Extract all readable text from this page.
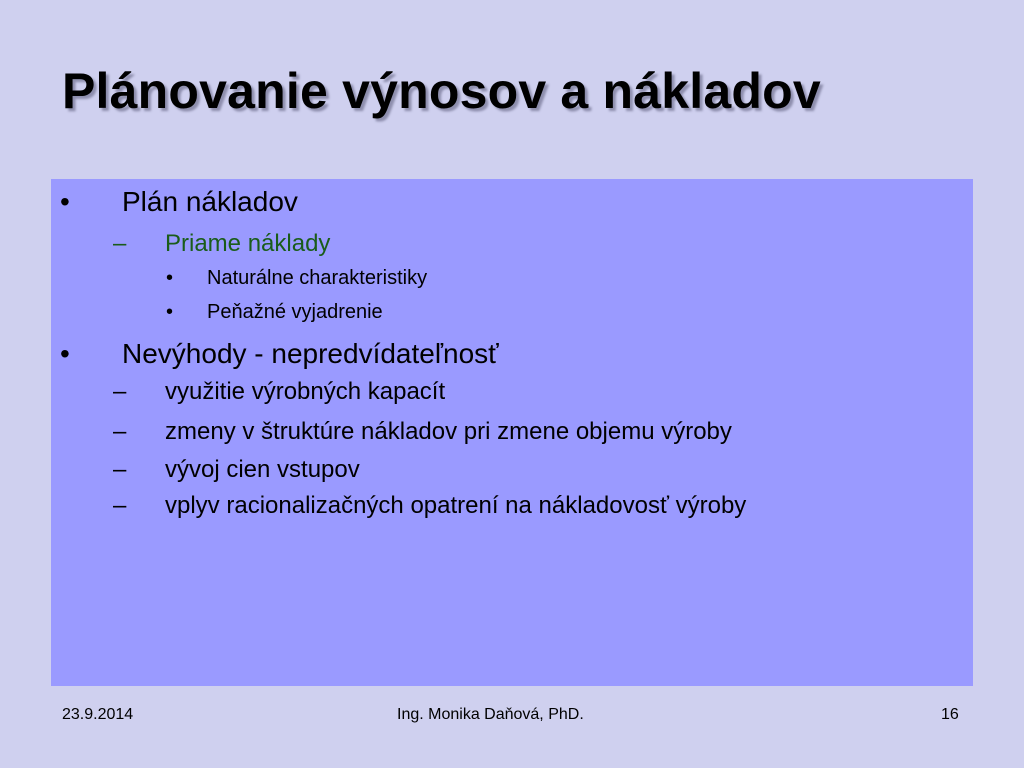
Plánovanie výnosov a nákladov
• Plán nákladov
– Priame náklady
• Naturálne charakteristiky
• Peňažné vyjadrenie
• Nevýhody - nepredvídateľnosť
– využitie výrobných kapacít
– zmeny v štruktúre nákladov pri zmene objemu výroby
– vývoj cien vstupov
– vplyv racionalizačných opatrení na nákladovosť výroby
23.9.2014	Ing. Monika Daňová, PhD.	16
